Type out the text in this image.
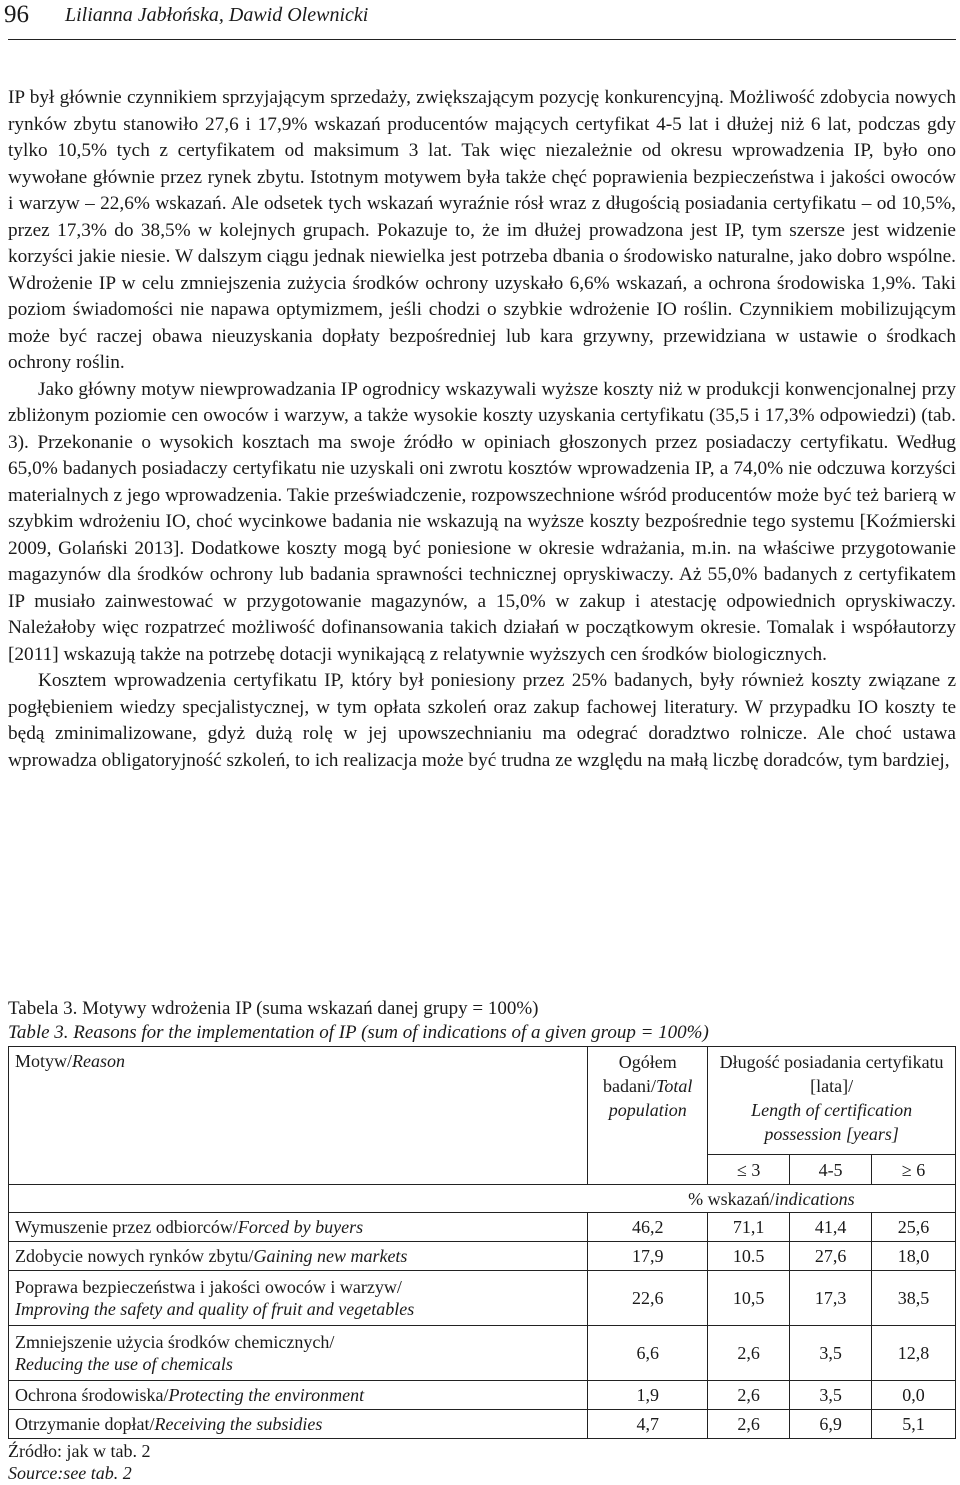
96 Lilianna Jabłońska, Dawid Olewnicki

IP był głównie czynnikiem sprzyjającym sprzedaży, zwiększającym pozycję konkurencyjną. Możliwość zdobycia nowych rynków zbytu stanowiło 27,6 i 17,9% wskazań producentów mających certyfikat 4-5 lat i dłużej niż 6 lat, podczas gdy tylko 10,5% tych z certyfikatem od maksimum 3 lat. Tak więc niezależnie od okresu wprowadzenia IP, było ono wywołane głównie przez rynek zbytu. Istotnym motywem była także chęć poprawienia bezpieczeństwa i jakości owoców i warzyw – 22,6% wskazań. Ale odsetek tych wskazań wyraźnie rósł wraz z długością posiadania certyfikatu – od 10,5%, przez 17,3% do 38,5% w kolejnych grupach. Pokazuje to, że im dłużej prowadzona jest IP, tym szersze jest widzenie korzyści jakie niesie. W dalszym ciągu jednak niewielka jest potrzeba dbania o środowisko naturalne, jako dobro wspólne. Wdrożenie IP w celu zmniejszenia zużycia środków ochrony uzyskało 6,6% wskazań, a ochrona środowiska 1,9%. Taki poziom świadomości nie napawa optymizmem, jeśli chodzi o szybkie wdrożenie IO roślin. Czynnikiem mobilizującym może być raczej obawa nieuzyskania dopłaty bezpośredniej lub kara grzywny, przewidziana w ustawie o środkach ochrony roślin.

Jako główny motyw niewprowadzania IP ogrodnicy wskazywali wyższe koszty niż w produkcji konwencjonalnej przy zbliżonym poziomie cen owoców i warzyw, a także wysokie koszty uzyskania certyfikatu (35,5 i 17,3% odpowiedzi) (tab. 3). Przekonanie o wysokich kosztach ma swoje źródło w opiniach głoszonych przez posiadaczy certyfikatu. Według 65,0% badanych posiadaczy certyfikatu nie uzyskali oni zwrotu kosztów wprowadzenia IP, a 74,0% nie odczuwa korzyści materialnych z jego wprowadzenia. Takie przeświadczenie, rozpowszechnione wśród producentów może być też barierą w szybkim wdrożeniu IO, choć wycinkowe badania nie wskazują na wyższe koszty bezpośrednie tego systemu [Koźmierski 2009, Golański 2013]. Dodatkowe koszty mogą być poniesione w okresie wdrażania, m.in. na właściwe przygotowanie magazynów dla środków ochrony lub badania sprawności technicznej opryskiwaczy. Aż 55,0% badanych z certyfikatem IP musiało zainwestować w przygotowanie magazynów, a 15,0% w zakup i atestację odpowiednich opryskiwaczy. Należałoby więc rozpatrzeć możliwość dofinansowania takich działań w początkowym okresie. Tomalak i współautorzy [2011] wskazują także na potrzebę dotacji wynikającą z relatywnie wyższych cen środków biologicznych.

Kosztem wprowadzenia certyfikatu IP, który był poniesiony przez 25% badanych, były również koszty związane z pogłębieniem wiedzy specjalistycznej, w tym opłata szkoleń oraz zakup fachowej literatury. W przypadku IO koszty te będą zminimalizowane, gdyż dużą rolę w jej upowszechnianiu ma odegrać doradztwo rolnicze. Ale choć ustawa wprowadza obligatoryjność szkoleń, to ich realizacja może być trudna ze względu na małą liczbę doradców, tym bardziej,

Tabela 3. Motywy wdrożenia IP (suma wskazań danej grupy = 100%)
Table 3. Reasons for the implementation of IP (sum of indications of a given group = 100%)
Motyw/Reason	Ogółem badani/Total population	Długość posiadania certyfikatu [lata]/
Length of certification possession [years]		
		≤ 3	4-5	≥ 6
	% wskazań/indications			
Wymuszenie przez odbiorców/Forced by buyers	46,2	71,1	41,4	25,6
Zdobycie nowych rynków zbytu/Gaining new markets	17,9	10.5	27,6	18,0
Poprawa bezpieczeństwa i jakości owoców i warzyw/
Improving the safety and quality of fruit and vegetables	22,6	10,5	17,3	38,5
Zmniejszenie użycia środków chemicznych/
Reducing the use of chemicals	6,6	2,6	3,5	12,8
Ochrona środowiska/Protecting the environment	1,9	2,6	3,5	0,0
Otrzymanie dopłat/Receiving the subsidies	4,7	2,6	6,9	5,1
Źródło: jak w tab. 2
Source:see tab. 2
